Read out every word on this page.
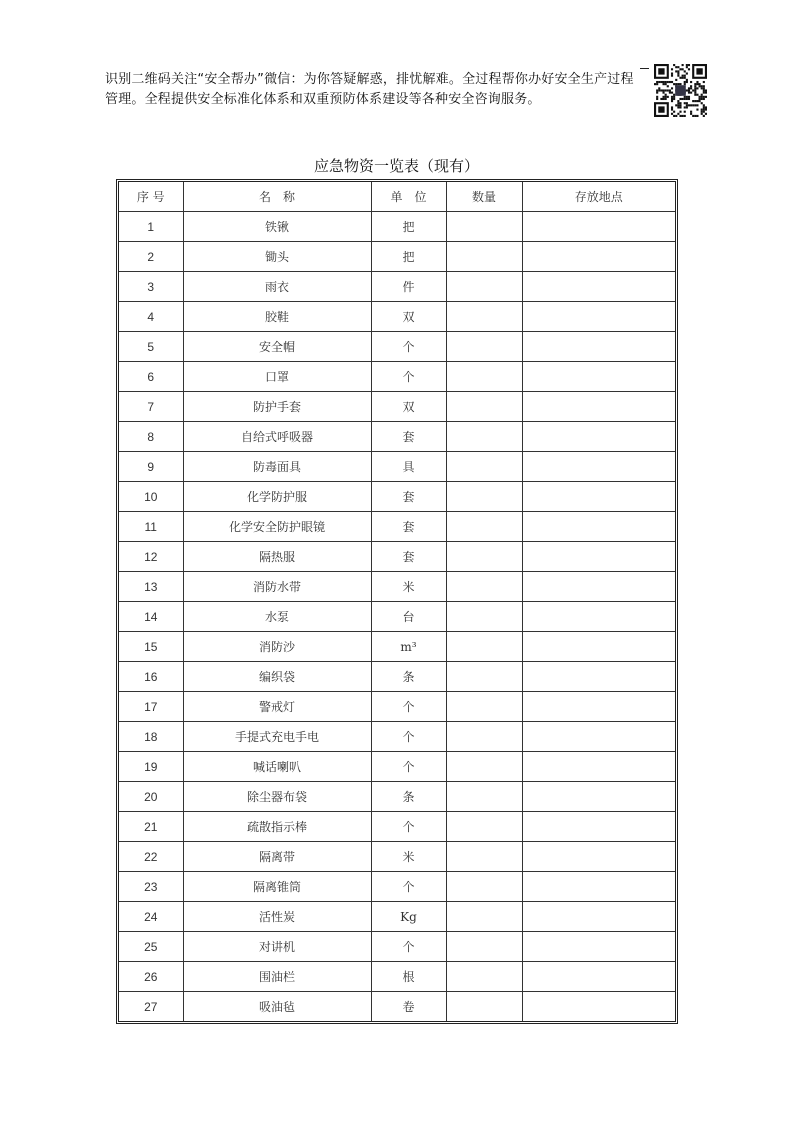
识别二维码关注“安全帮办”微信：为你答疑解惑，排忧解难。全过程帮你办好安全生产过程管理。全程提供安全标准化体系和双重预防体系建设等各种安全咨询服务。
应急物资一览表（现有）
序 号	名　称	单　位	数量	存放地点
1	铁锹	把		
2	锄头	把		
3	雨衣	件		
4	胶鞋	双		
5	安全帽	个		
6	口罩	个		
7	防护手套	双		
8	自给式呼吸器	套		
9	防毒面具	具		
10	化学防护服	套		
11	化学安全防护眼镜	套		
12	隔热服	套		
13	消防水带	米		
14	水泵	台		
15	消防沙	m³		
16	编织袋	条		
17	警戒灯	个		
18	手提式充电手电	个		
19	喊话喇叭	个		
20	除尘器布袋	条		
21	疏散指示棒	个		
22	隔离带	米		
23	隔离锥筒	个		
24	活性炭	Kg		
25	对讲机	个		
26	围油栏	根		
27	吸油毡	卷		
